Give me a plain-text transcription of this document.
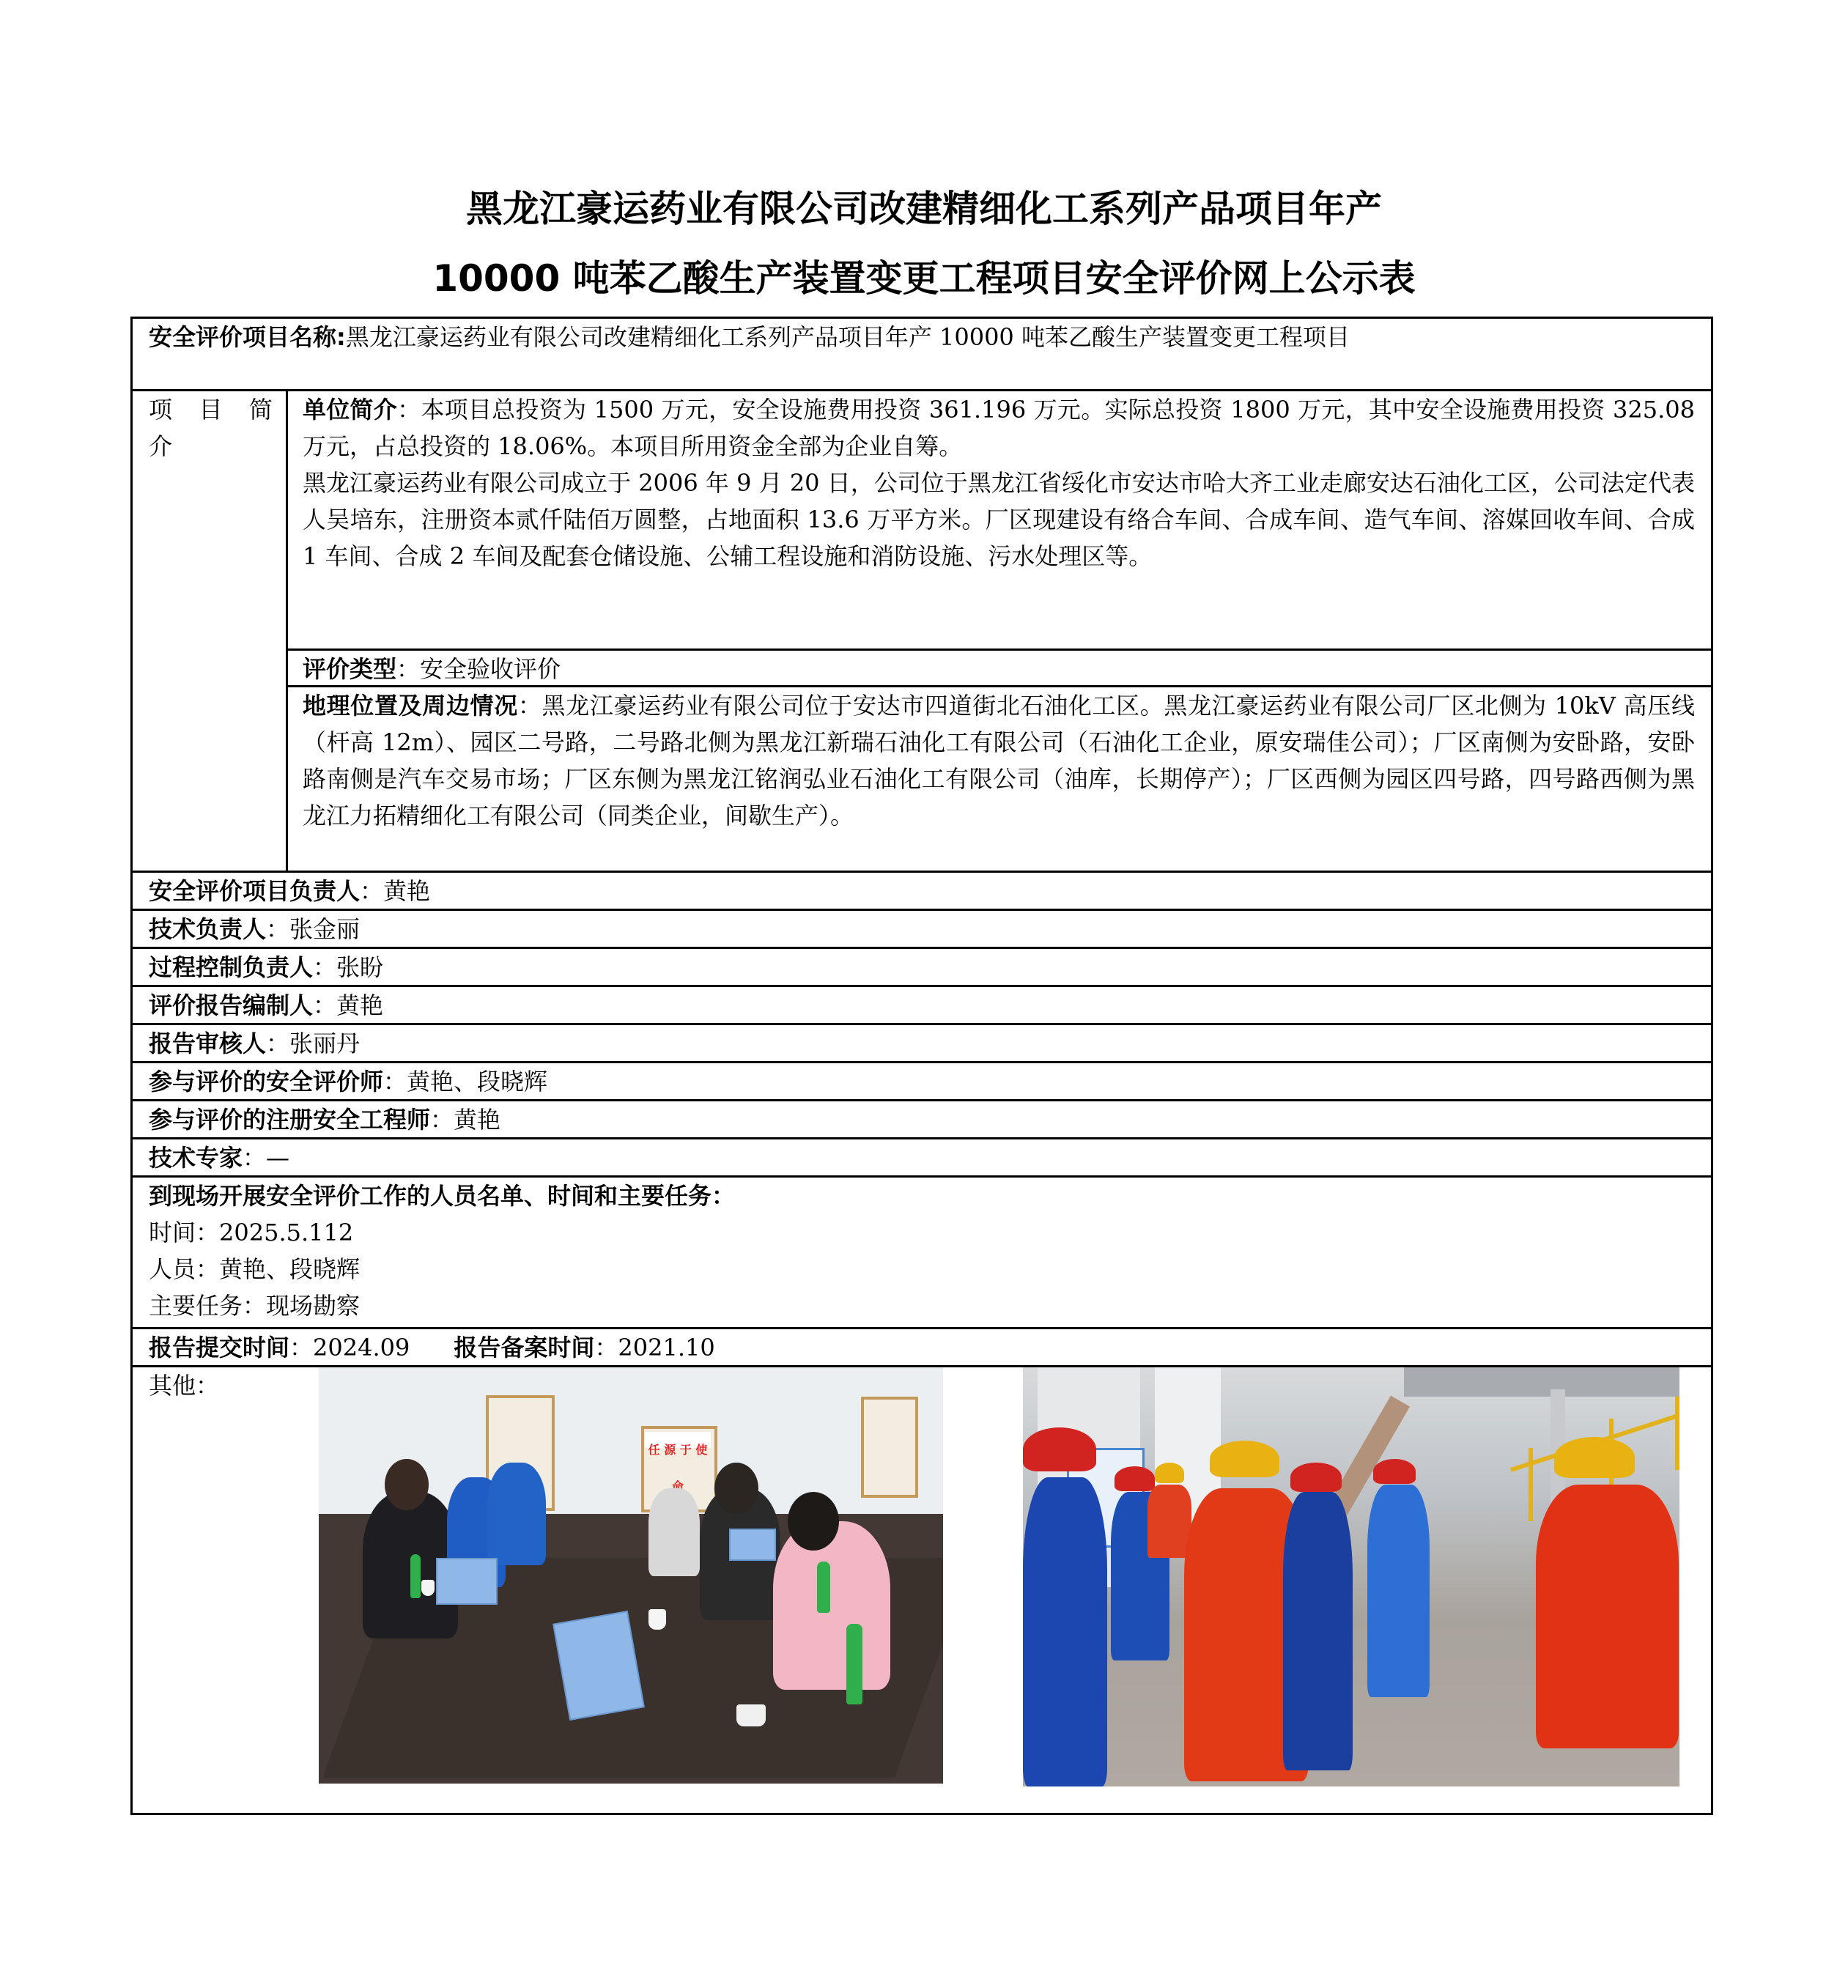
黑龙江豪运药业有限公司改建精细化工系列产品项目年产
10000 吨苯乙酸生产装置变更工程项目安全评价网上公示表
安全评价项目名称:黑龙江豪运药业有限公司改建精细化工系列产品项目年产 10000 吨苯乙酸生产装置变更工程项目
项 目 简
介

单位简介：本项目总投资为 1500 万元，安全设施费用投资 361.196 万元。实际总投资 1800 万元，其中安全设施费用投资 325.08 万元，占总投资的 18.06%。本项目所用资金全部为企业自筹。

黑龙江豪运药业有限公司成立于 2006 年 9 月 20 日，公司位于黑龙江省绥化市安达市哈大齐工业走廊安达石油化工区，公司法定代表人吴培东，注册资本贰仟陆佰万圆整，占地面积 13.6 万平方米。厂区现建设有络合车间、合成车间、造气车间、溶媒回收车间、合成 1 车间、合成 2 车间及配套仓储设施、公辅工程设施和消防设施、污水处理区等。

评价类型：安全验收评价
地理位置及周边情况：黑龙江豪运药业有限公司位于安达市四道街北石油化工区。黑龙江豪运药业有限公司厂区北侧为 10kV 高压线（杆高 12m）、园区二号路，二号路北侧为黑龙江新瑞石油化工有限公司（石油化工企业，原安瑞佳公司）；厂区南侧为安卧路，安卧路南侧是汽车交易市场；厂区东侧为黑龙江铭润弘业石油化工有限公司（油库，长期停产）；厂区西侧为园区四号路，四号路西侧为黑龙江力拓精细化工有限公司（同类企业，间歇生产）。
安全评价项目负责人：黄艳
技术负责人：张金丽
过程控制负责人：张盼
评价报告编制人：黄艳
报告审核人：张丽丹
参与评价的安全评价师：黄艳、段晓辉
参与评价的注册安全工程师：黄艳
技术专家：—
到现场开展安全评价工作的人员名单、时间和主要任务：
时间：2025.5.112
人员：黄艳、段晓辉
主要任务：现场勘察
报告提交时间：2024.09 报告备案时间：2021.10
其他：
